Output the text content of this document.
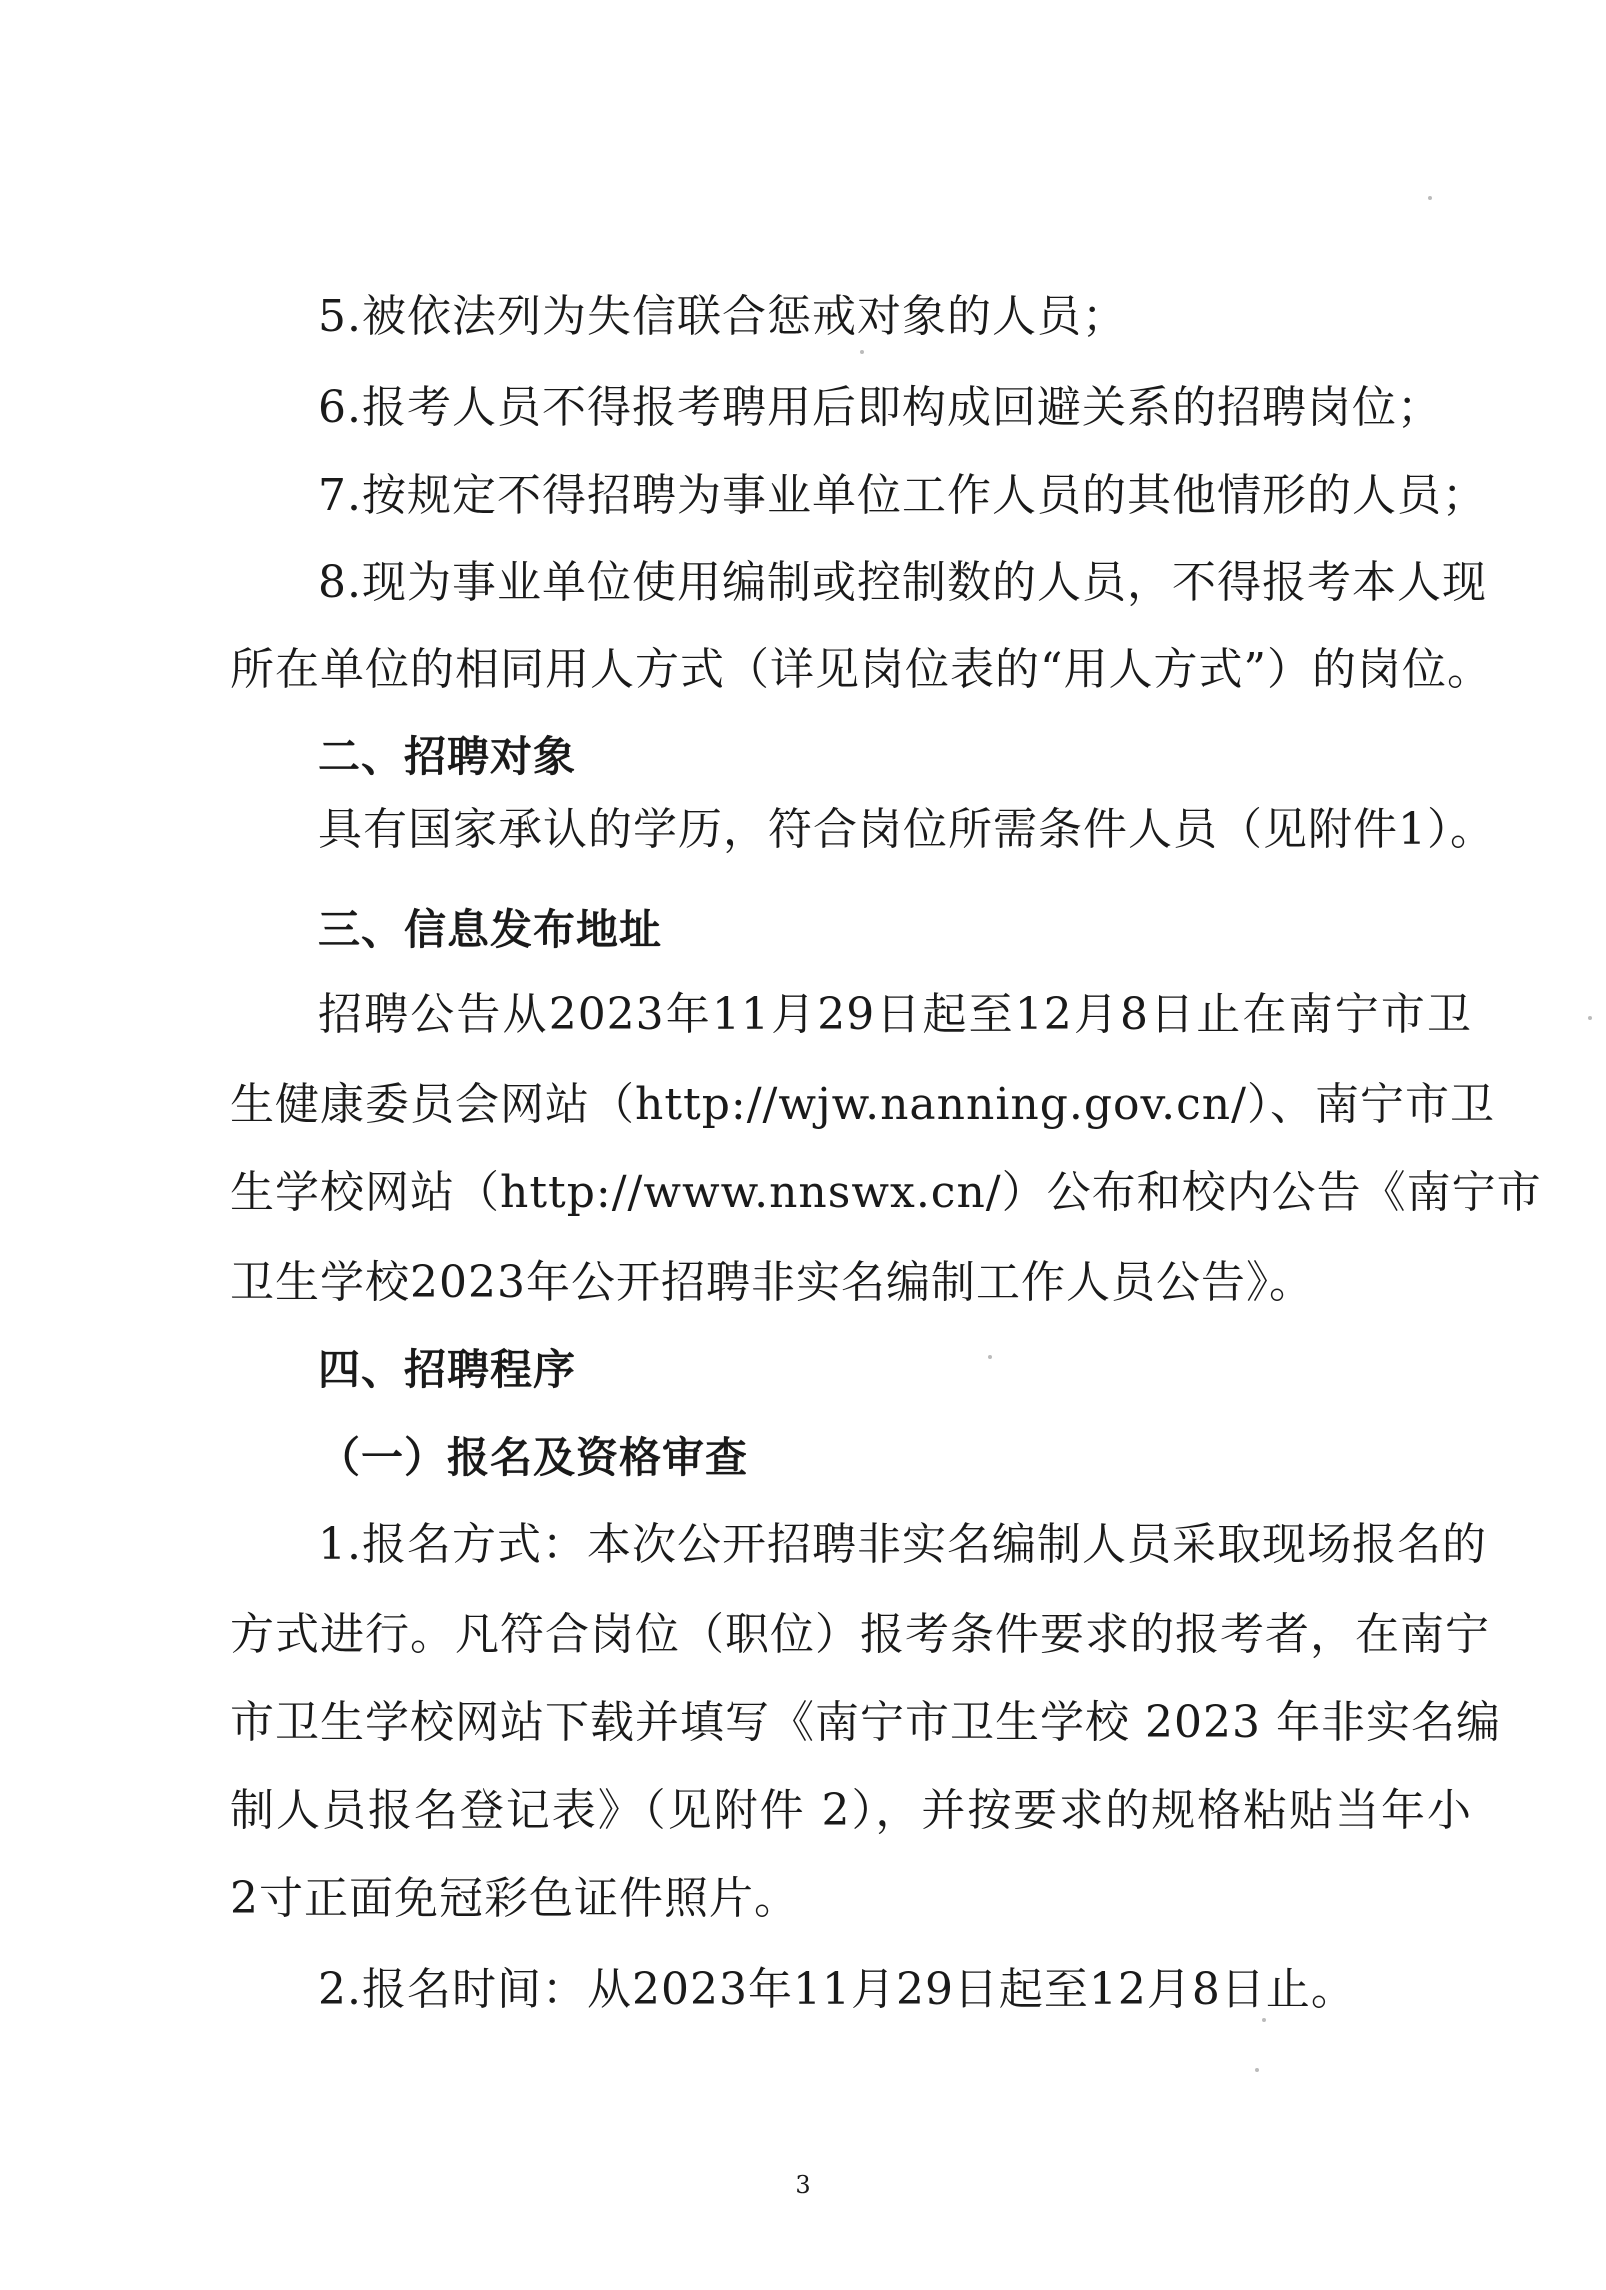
5.被依法列为失信联合惩戒对象的人员；
6.报考人员不得报考聘用后即构成回避关系的招聘岗位；
7.按规定不得招聘为事业单位工作人员的其他情形的人员；
8.现为事业单位使用编制或控制数的人员，不得报考本人现
所在单位的相同用人方式（详见岗位表的“用人方式”）的岗位。
二、招聘对象
具有国家承认的学历，符合岗位所需条件人员（见附件1）。
三、信息发布地址
招聘公告从2023年11月29日起至12月8日止在南宁市卫
生健康委员会网站（http://wjw.nanning.gov.cn/）、南宁市卫
生学校网站（http://www.nnswx.cn/）公布和校内公告《南宁市
卫生学校2023年公开招聘非实名编制工作人员公告》。
四、招聘程序
（一）报名及资格审查
1.报名方式：本次公开招聘非实名编制人员采取现场报名的
方式进行。凡符合岗位（职位）报考条件要求的报考者，在南宁
市卫生学校网站下载并填写《南宁市卫生学校 2023 年非实名编
制人员报名登记表》（见附件 2），并按要求的规格粘贴当年小
2寸正面免冠彩色证件照片。
2.报名时间：从2023年11月29日起至12月8日止。
3
